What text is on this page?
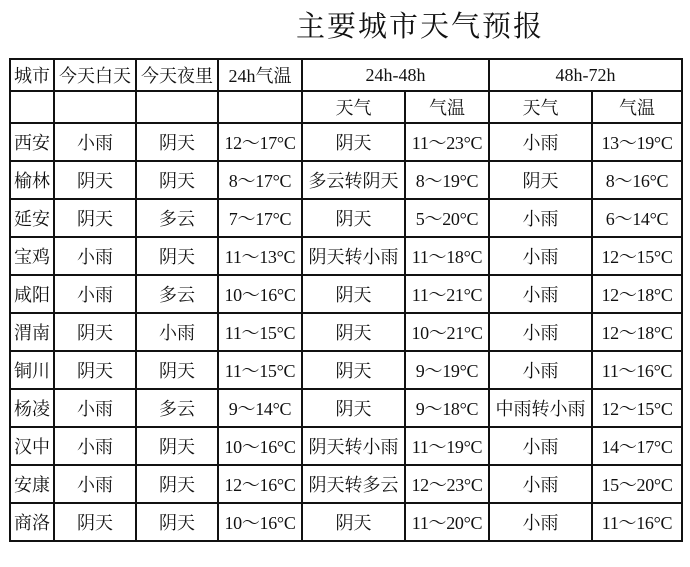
主要城市天气预报
城市	今天白天	今天夜里	24h气温	24h-48h		48h-72h	
				天气	气温	天气	气温
西安	小雨	阴天	12～17°C	阴天	11～23°C	小雨	13～19°C
榆林	阴天	阴天	8～17°C	多云转阴天	8～19°C	阴天	8～16°C
延安	阴天	多云	7～17°C	阴天	5～20°C	小雨	6～14°C
宝鸡	小雨	阴天	11～13°C	阴天转小雨	11～18°C	小雨	12～15°C
咸阳	小雨	多云	10～16°C	阴天	11～21°C	小雨	12～18°C
渭南	阴天	小雨	11～15°C	阴天	10～21°C	小雨	12～18°C
铜川	阴天	阴天	11～15°C	阴天	9～19°C	小雨	11～16°C
杨凌	小雨	多云	9～14°C	阴天	9～18°C	中雨转小雨	12～15°C
汉中	小雨	阴天	10～16°C	阴天转小雨	11～19°C	小雨	14～17°C
安康	小雨	阴天	12～16°C	阴天转多云	12～23°C	小雨	15～20°C
商洛	阴天	阴天	10～16°C	阴天	11～20°C	小雨	11～16°C
